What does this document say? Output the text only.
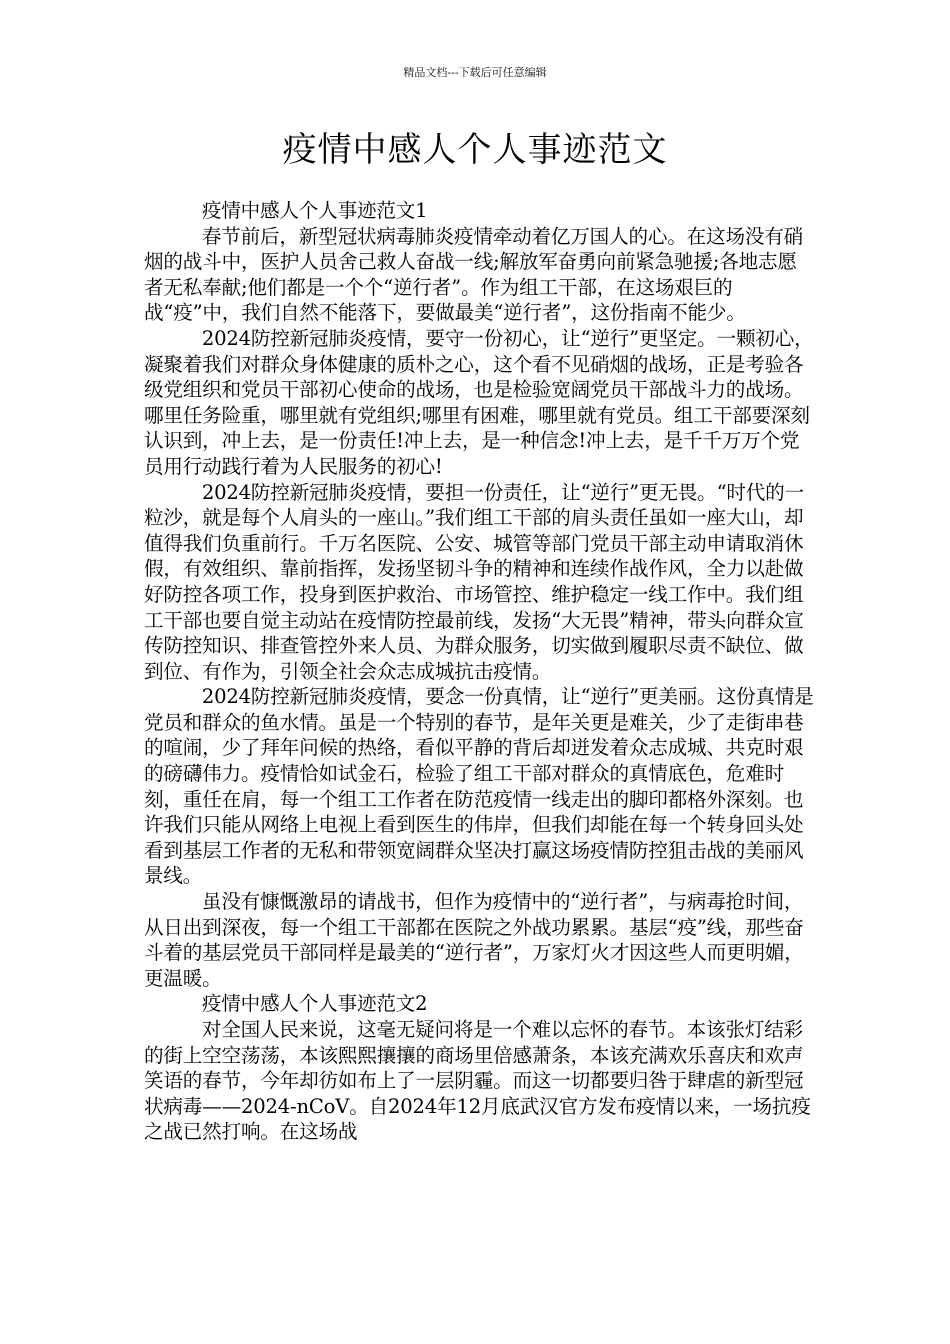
精品文档---下载后可任意编辑
疫情中感人个人事迹范文

疫情中感人个人事迹范文1

春节前后，新型冠状病毒肺炎疫情牵动着亿万国人的心。在这场没有硝烟的战斗中，医护人员舍己救人奋战一线;解放军奋勇向前紧急驰援;各地志愿者无私奉献;他们都是一个个“逆行者”。作为组工干部，在这场艰巨的战“疫”中，我们自然不能落下，要做最美“逆行者”，这份指南不能少。

2024防控新冠肺炎疫情，要守一份初心，让“逆行”更坚定。一颗初心，凝聚着我们对群众身体健康的质朴之心，这个看不见硝烟的战场，正是考验各级党组织和党员干部初心使命的战场，也是检验宽阔党员干部战斗力的战场。哪里任务险重，哪里就有党组织;哪里有困难，哪里就有党员。组工干部要深刻认识到，冲上去，是一份责任!冲上去，是一种信念!冲上去，是千千万万个党员用行动践行着为人民服务的初心!

2024防控新冠肺炎疫情，要担一份责任，让“逆行”更无畏。“时代的一粒沙，就是每个人肩头的一座山。”我们组工干部的肩头责任虽如一座大山，却值得我们负重前行。千万名医院、公安、城管等部门党员干部主动申请取消休假，有效组织、靠前指挥，发扬坚韧斗争的精神和连续作战作风，全力以赴做好防控各项工作，投身到医护救治、市场管控、维护稳定一线工作中。我们组工干部也要自觉主动站在疫情防控最前线，发扬“大无畏”精神，带头向群众宣传防控知识、排查管控外来人员、为群众服务，切实做到履职尽责不缺位、做到位、有作为，引领全社会众志成城抗击疫情。

2024防控新冠肺炎疫情，要念一份真情，让“逆行”更美丽。这份真情是党员和群众的鱼水情。虽是一个特别的春节，是年关更是难关，少了走街串巷的喧闹，少了拜年问候的热络，看似平静的背后却迸发着众志成城、共克时艰的磅礴伟力。疫情恰如试金石，检验了组工干部对群众的真情底色，危难时刻，重任在肩，每一个组工工作者在防范疫情一线走出的脚印都格外深刻。也许我们只能从网络上电视上看到医生的伟岸，但我们却能在每一个转身回头处看到基层工作者的无私和带领宽阔群众坚决打赢这场疫情防控狙击战的美丽风景线。

虽没有慷慨激昂的请战书，但作为疫情中的“逆行者”，与病毒抢时间，从日出到深夜，每一个组工干部都在医院之外战功累累。基层“疫”线，那些奋斗着的基层党员干部同样是最美的“逆行者”，万家灯火才因这些人而更明媚，更温暖。

疫情中感人个人事迹范文2

对全国人民来说，这毫无疑问将是一个难以忘怀的春节。本该张灯结彩的街上空空荡荡，本该熙熙攘攘的商场里倍感萧条，本该充满欢乐喜庆和欢声笑语的春节，今年却彷如布上了一层阴霾。而这一切都要归咎于肆虐的新型冠状病毒——2024-nCoV。自2024年12月底武汉官方发布疫情以来，一场抗疫之战已然打响。在这场战
